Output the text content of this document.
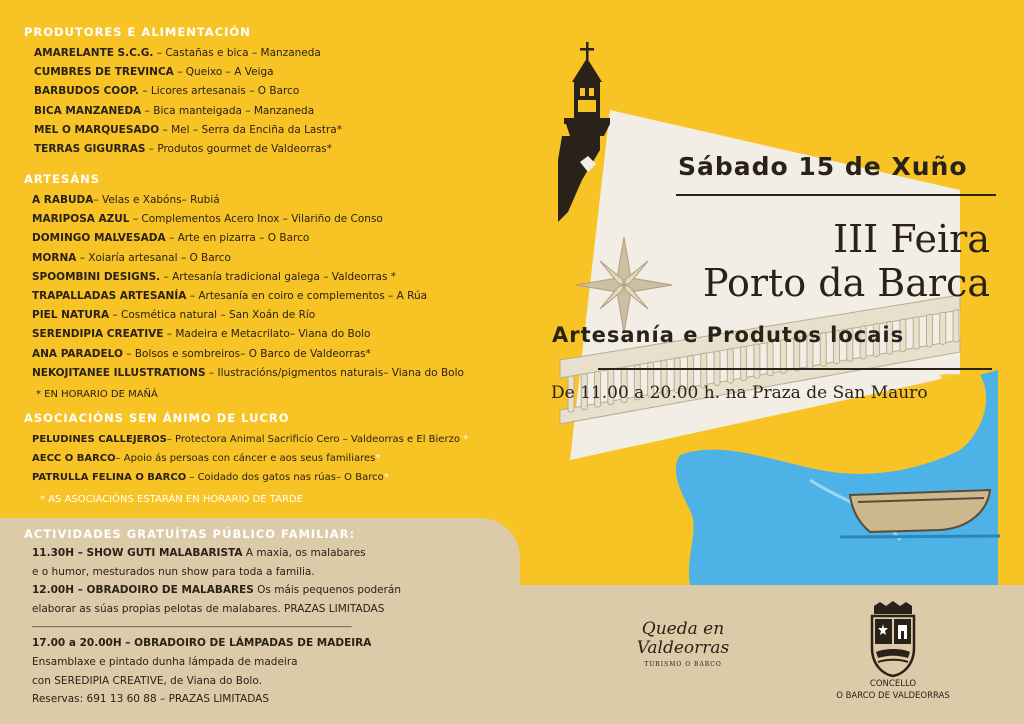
PRODUTORES E ALIMENTACIÓN
AMARELANTE S.C.G. – Castañas e bica – Manzaneda
CUMBRES DE TREVINCA – Queixo – A Veiga
BARBUDOS COOP. – Licores artesanais – O Barco
BICA MANZANEDA – Bica manteigada – Manzaneda
MEL O MARQUESADO – Mel – Serra da Enciña da Lastra*
TERRAS GIGURRAS – Produtos gourmet de Valdeorras*
ARTESÁNS
A RABUDA– Velas e Xabóns– Rubiá
MARIPOSA AZUL – Complementos Acero Inox – Vilariño de Conso
DOMINGO MALVESADA – Arte en pizarra – O Barco
MORNA – Xoiaría artesanal – O Barco
SPOOMBINI DESIGNS. – Artesanía tradicional galega – Valdeorras *
TRAPALLADAS ARTESANÍA – Artesanía en coiro e complementos – A Rúa
PIEL NATURA – Cosmética natural – San Xoán de Río
SERENDIPIA CREATIVE – Madeira e Metacrilato– Viana do Bolo
ANA PARADELO – Bolsos e sombreiros– O Barco de Valdeorras*
NEKOJITANEE ILLUSTRATIONS – Ilustracións/pigmentos naturais– Viana do Bolo
* EN HORARIO DE MAÑÁ
ASOCIACIÓNS SEN ÁNIMO DE LUCRO
PELUDINES CALLEJEROS– Protectora Animal Sacrificio Cero – Valdeorras e El Bierzo *
AECC O BARCO– Apoio ás persoas con cáncer e aos seus familiares*
PATRULLA FELINA O BARCO – Coidado dos gatos nas rúas– O Barco*
* AS ASOCIACIÓNS ESTARÁN EN HORARIO DE TARDE
ACTIVIDADES GRATUÍTAS PÚBLICO FAMILIAR:
11.30H – SHOW GUTI MALABARISTA A maxia, os malabares
e o humor, mesturados nun show para toda a familia.
12.00H – OBRADOIRO DE MALABARES Os máis pequenos poderán
elaborar as súas propias pelotas de malabares. PRAZAS LIMITADAS
_______________________________________________________________________
17.00 a 20.00H – OBRADOIRO DE LÁMPADAS DE MADEIRA
Ensamblaxe e pintado dunha lámpada de madeira
con SEREDIPIA CREATIVE, de Viana do Bolo.
Reservas: 691 13 60 88 – PRAZAS LIMITADAS
Sábado 15 de Xuño
III Feira
Porto da Barca
Artesanía e Produtos locais
De 11.00 a 20.00 h. na Praza de San Mauro
Queda en
Valdeorras
TURISMO O BARCO
CONCELLO
O BARCO DE VALDEORRAS
